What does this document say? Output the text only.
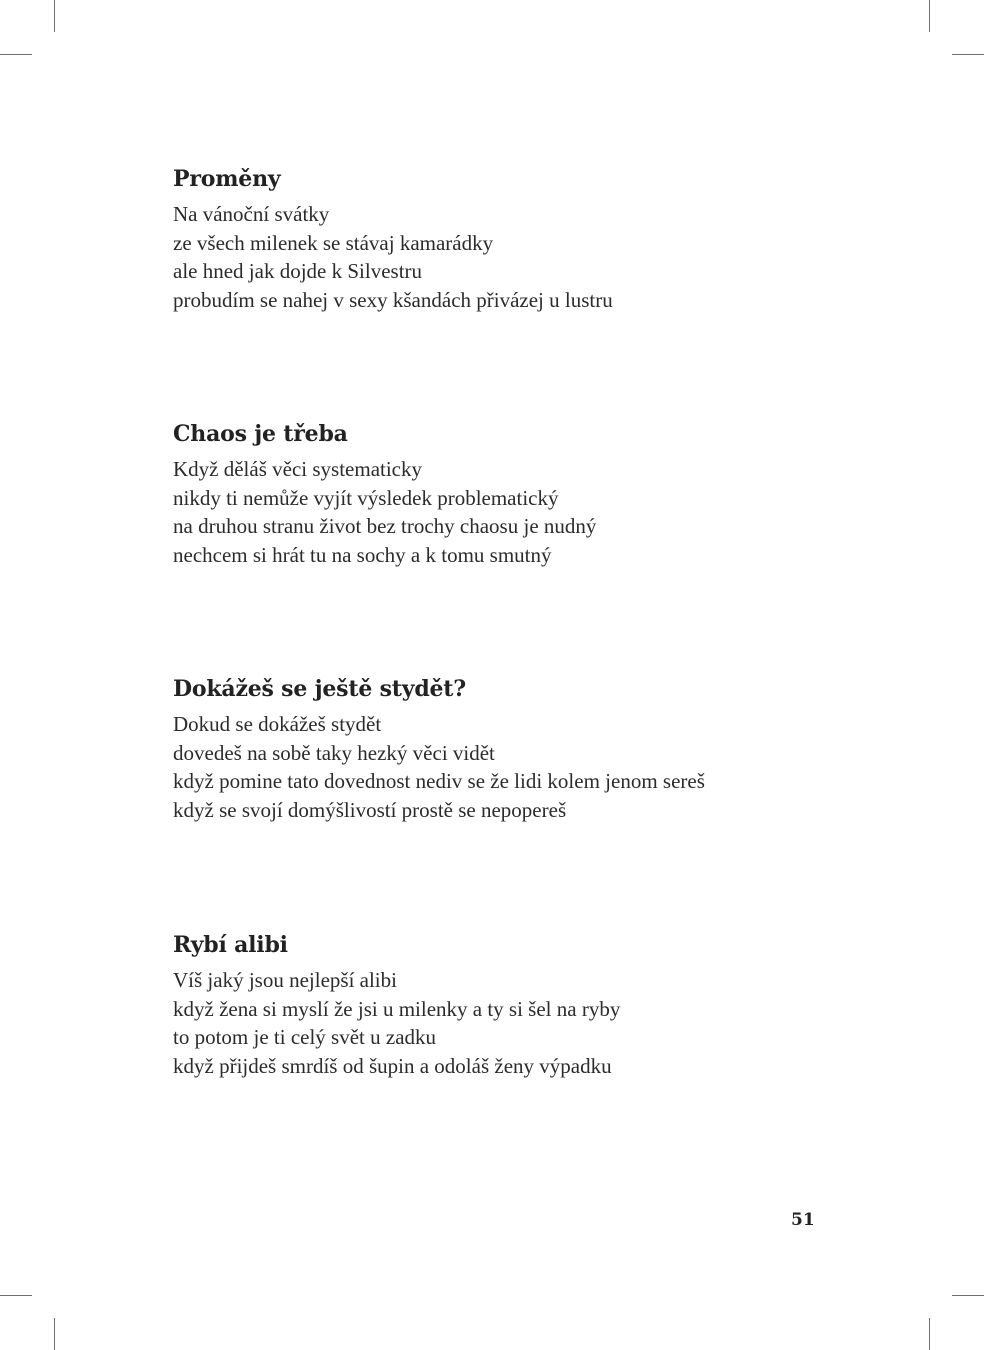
Proměny
Na vánoční svátky
ze všech milenek se stávaj kamarádky
ale hned jak dojde k Silvestru
probudím se nahej v sexy kšandách přivázej u lustru
Chaos je třeba
Když děláš věci systematicky
nikdy ti nemůže vyjít výsledek problematický
na druhou stranu život bez trochy chaosu je nudný
nechcem si hrát tu na sochy a k tomu smutný
Dokážeš se ještě stydět?
Dokud se dokážeš stydět
dovedeš na sobě taky hezký věci vidět
když pomine tato dovednost nediv se že lidi kolem jenom sereš
když se svojí domýšlivostí prostě se nepopereš
Rybí alibi
Víš jaký jsou nejlepší alibi
když žena si myslí že jsi u milenky a ty si šel na ryby
to potom je ti celý svět u zadku
když přijdeš smrdíš od šupin a odoláš ženy výpadku
51
